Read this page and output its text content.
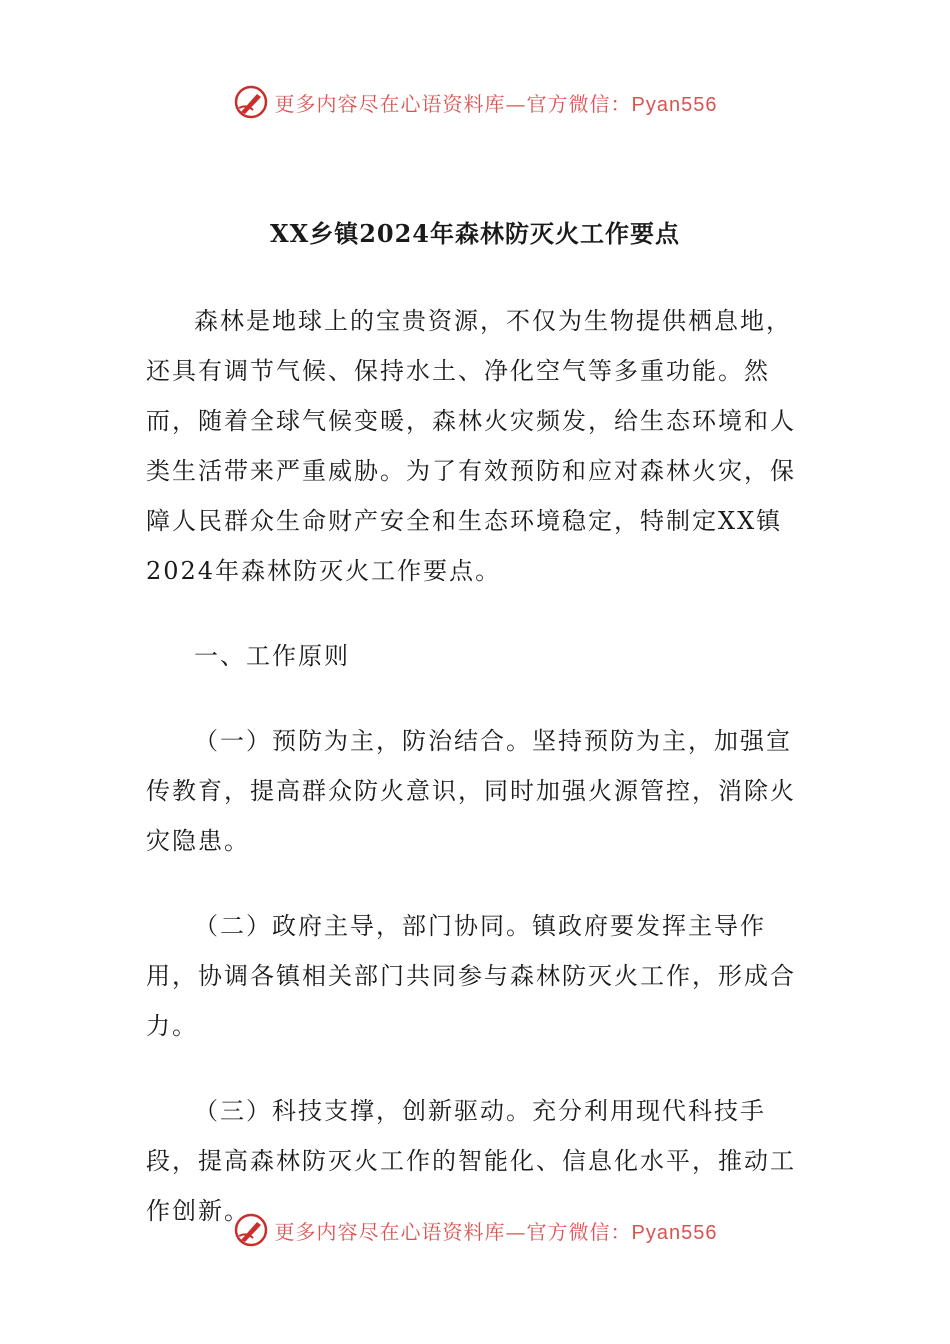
更多内容尽在心语资料库—官方微信：Pyan556
XX乡镇2024年森林防灭火工作要点

森林是地球上的宝贵资源，不仅为生物提供栖息地，还具有调节气候、保持水土、净化空气等多重功能。然而，随着全球气候变暖，森林火灾频发，给生态环境和人类生活带来严重威胁。为了有效预防和应对森林火灾，保障人民群众生命财产安全和生态环境稳定，特制定XX镇2024年森林防灭火工作要点。

一、工作原则

（一）预防为主，防治结合。坚持预防为主，加强宣传教育，提高群众防火意识，同时加强火源管控，消除火灾隐患。

（二）政府主导，部门协同。镇政府要发挥主导作用，协调各镇相关部门共同参与森林防灭火工作，形成合力。

（三）科技支撑，创新驱动。充分利用现代科技手段，提高森林防灭火工作的智能化、信息化水平，推动工作创新。

更多内容尽在心语资料库—官方微信：Pyan556
